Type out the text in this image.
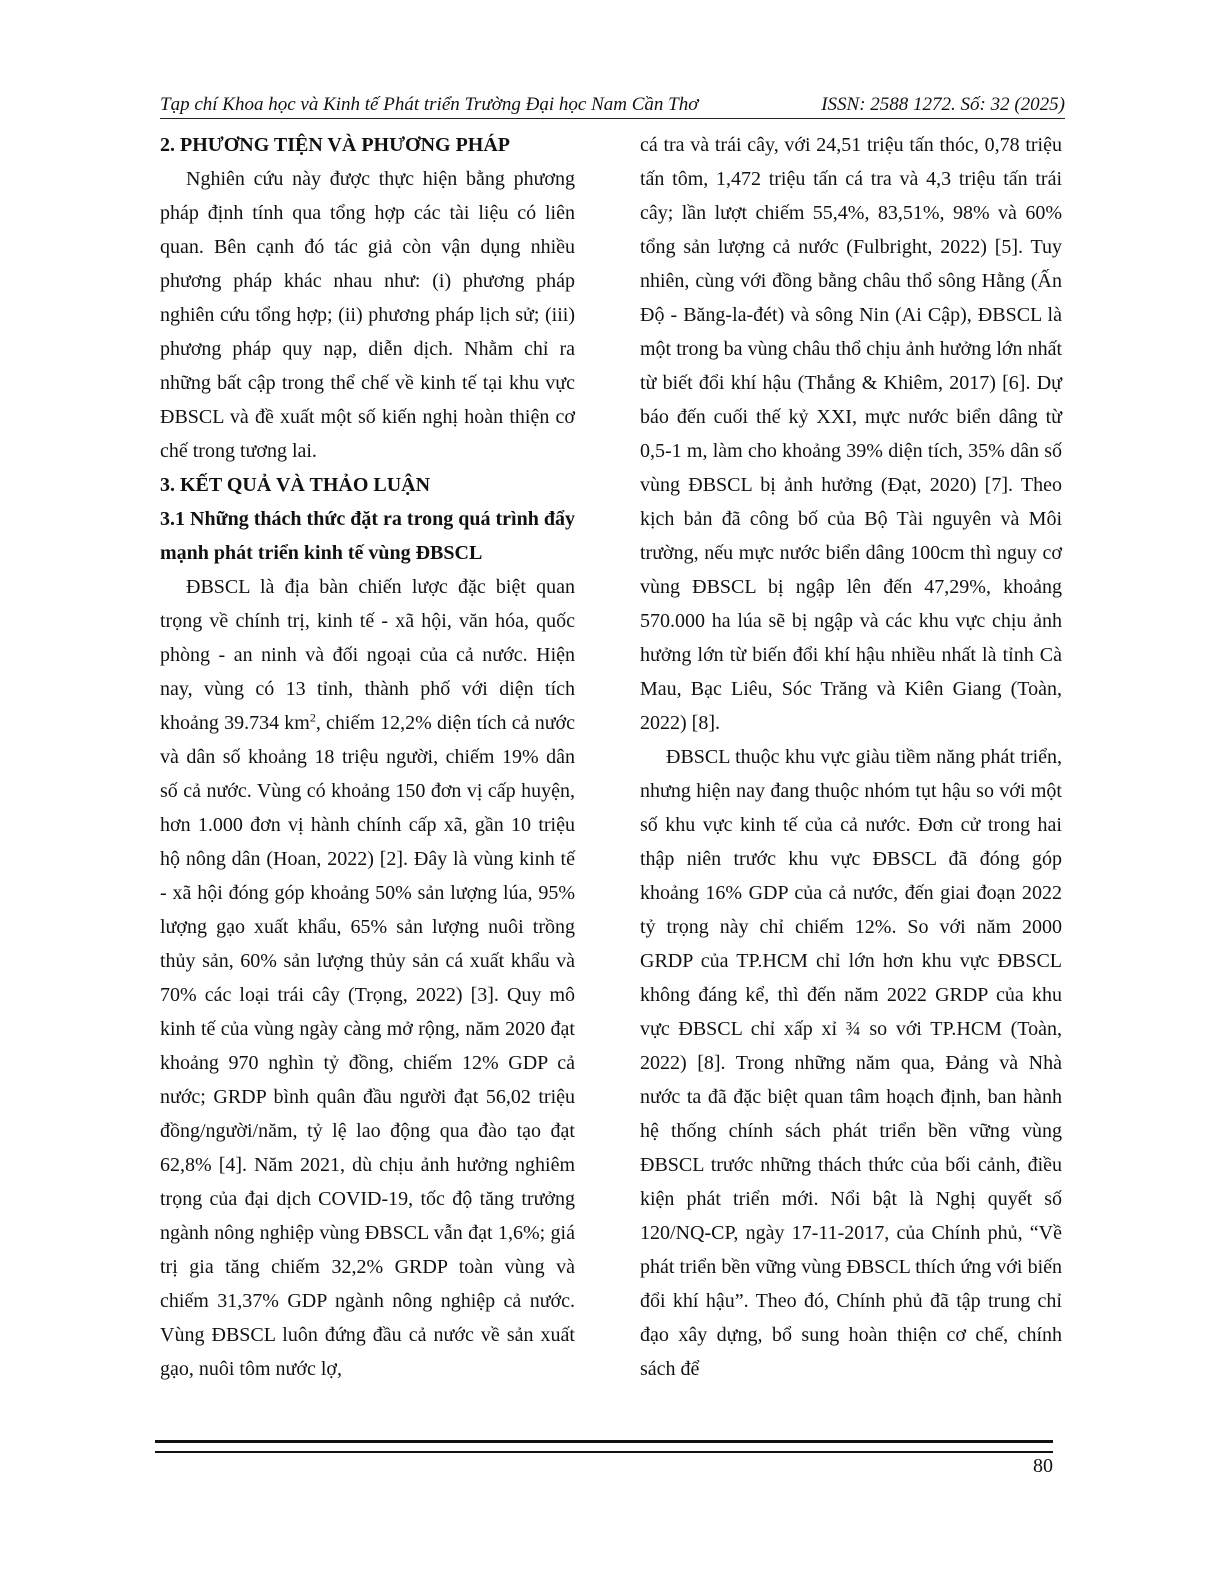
Tạp chí Khoa học và Kinh tế Phát triển Trường Đại học Nam Cần Thơ	ISSN: 2588 1272. Số: 32 (2025)
2. PHƯƠNG TIỆN VÀ PHƯƠNG PHÁP

Nghiên cứu này được thực hiện bằng phương pháp định tính qua tổng hợp các tài liệu có liên quan. Bên cạnh đó tác giả còn vận dụng nhiều phương pháp khác nhau như: (i) phương pháp nghiên cứu tổng hợp; (ii) phương pháp lịch sử; (iii) phương pháp quy nạp, diễn dịch. Nhằm chỉ ra những bất cập trong thể chế về kinh tế tại khu vực ĐBSCL và đề xuất một số kiến nghị hoàn thiện cơ chế trong tương lai.

3. KẾT QUẢ VÀ THẢO LUẬN
3.1 Những thách thức đặt ra trong quá trình đẩy mạnh phát triển kinh tế vùng ĐBSCL

ĐBSCL là địa bàn chiến lược đặc biệt quan trọng về chính trị, kinh tế - xã hội, văn hóa, quốc phòng - an ninh và đối ngoại của cả nước. Hiện nay, vùng có 13 tỉnh, thành phố với diện tích khoảng 39.734 $km^2$, chiếm 12,2% diện tích cả nước và dân số khoảng 18 triệu người, chiếm 19% dân số cả nước. Vùng có khoảng 150 đơn vị cấp huyện, hơn 1.000 đơn vị hành chính cấp xã, gần 10 triệu hộ nông dân (Hoan, 2022) [2]. Đây là vùng kinh tế - xã hội đóng góp khoảng 50% sản lượng lúa, 95% lượng gạo xuất khẩu, 65% sản lượng nuôi trồng thủy sản, 60% sản lượng thủy sản cá xuất khẩu và 70% các loại trái cây (Trọng, 2022) [3]. Quy mô kinh tế của vùng ngày càng mở rộng, năm 2020 đạt khoảng 970 nghìn tỷ đồng, chiếm 12% GDP cả nước; GRDP bình quân đầu người đạt 56,02 triệu đồng/người/năm, tỷ lệ lao động qua đào tạo đạt 62,8% [4]. Năm 2021, dù chịu ảnh hưởng nghiêm trọng của đại dịch COVID-19, tốc độ tăng trưởng ngành nông nghiệp vùng ĐBSCL vẫn đạt 1,6%; giá trị gia tăng chiếm 32,2% GRDP toàn vùng và chiếm 31,37% GDP ngành nông nghiệp cả nước. Vùng ĐBSCL luôn đứng đầu cả nước về sản xuất gạo, nuôi tôm nước lợ,

cá tra và trái cây, với 24,51 triệu tấn thóc, 0,78 triệu tấn tôm, 1,472 triệu tấn cá tra và 4,3 triệu tấn trái cây; lần lượt chiếm 55,4%, 83,51%, 98% và 60% tổng sản lượng cả nước (Fulbright, 2022) [5]. Tuy nhiên, cùng với đồng bằng châu thổ sông Hằng (Ấn Độ - Băng-la-đét) và sông Nin (Ai Cập), ĐBSCL là một trong ba vùng châu thổ chịu ảnh hưởng lớn nhất từ biết đổi khí hậu (Thắng & Khiêm, 2017) [6]. Dự báo đến cuối thế kỷ XXI, mực nước biển dâng từ 0,5-1 m, làm cho khoảng 39% diện tích, 35% dân số vùng ĐBSCL bị ảnh hưởng (Đạt, 2020) [7]. Theo kịch bản đã công bố của Bộ Tài nguyên và Môi trường, nếu mực nước biển dâng 100cm thì nguy cơ vùng ĐBSCL bị ngập lên đến 47,29%, khoảng 570.000 ha lúa sẽ bị ngập và các khu vực chịu ảnh hưởng lớn từ biến đổi khí hậu nhiều nhất là tỉnh Cà Mau, Bạc Liêu, Sóc Trăng và Kiên Giang (Toàn, 2022) [8].

ĐBSCL thuộc khu vực giàu tiềm năng phát triển, nhưng hiện nay đang thuộc nhóm tụt hậu so với một số khu vực kinh tế của cả nước. Đơn cử trong hai thập niên trước khu vực ĐBSCL đã đóng góp khoảng 16% GDP của cả nước, đến giai đoạn 2022 tỷ trọng này chỉ chiếm 12%. So với năm 2000 GRDP của TP.HCM chỉ lớn hơn khu vực ĐBSCL không đáng kể, thì đến năm 2022 GRDP của khu vực ĐBSCL chỉ xấp xỉ ¾ so với TP.HCM (Toàn, 2022) [8]. Trong những năm qua, Đảng và Nhà nước ta đã đặc biệt quan tâm hoạch định, ban hành hệ thống chính sách phát triển bền vững vùng ĐBSCL trước những thách thức của bối cảnh, điều kiện phát triển mới. Nổi bật là Nghị quyết số 120/NQ-CP, ngày 17-11-2017, của Chính phủ, “Về phát triển bền vững vùng ĐBSCL thích ứng với biến đổi khí hậu”. Theo đó, Chính phủ đã tập trung chỉ đạo xây dựng, bổ sung hoàn thiện cơ chế, chính sách để

80
